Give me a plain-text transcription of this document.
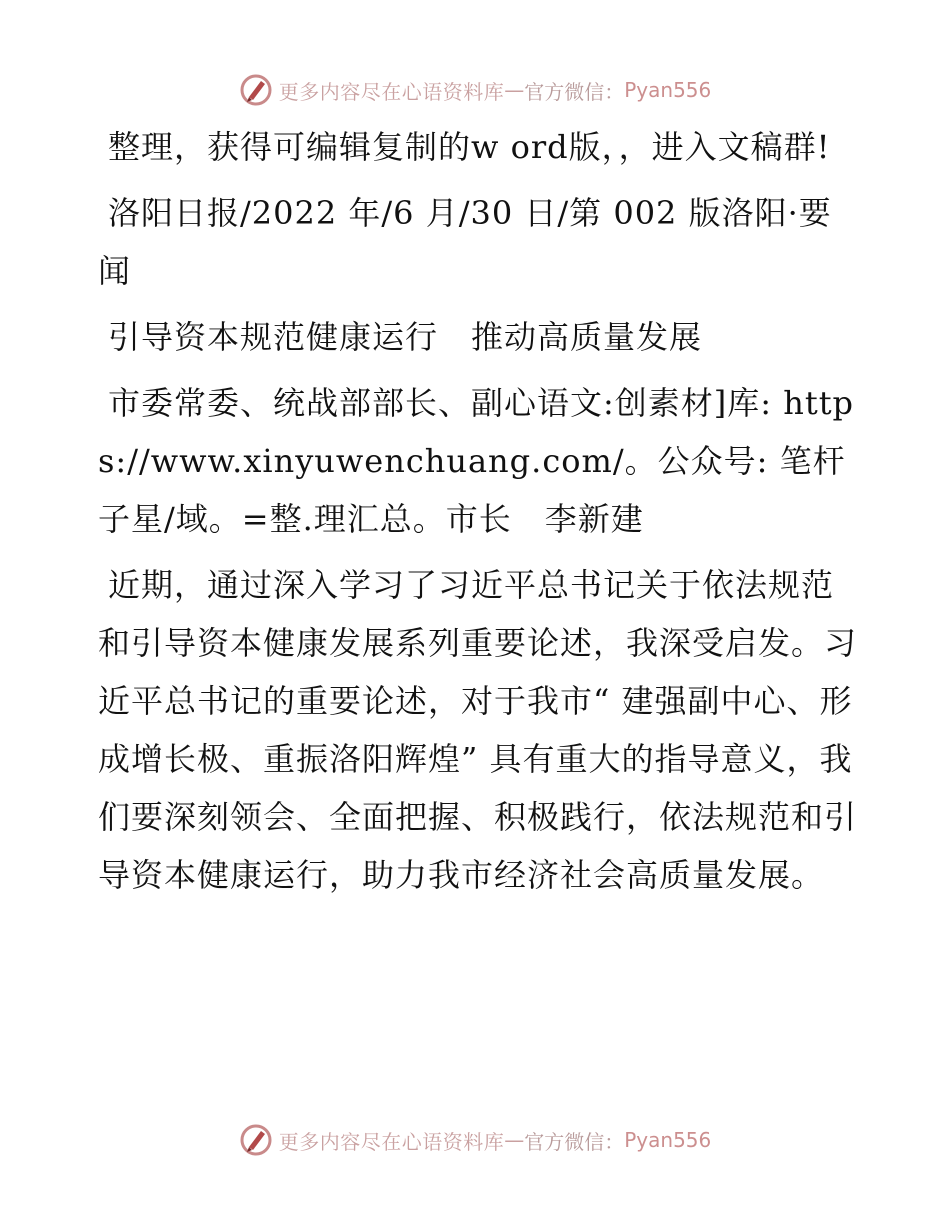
更多内容尽在心语资料库 — 官方微信： Pyan556

整理，获得可编辑复制的w ord版，，进入文稿群!

洛阳日报/2022 年/6 月/30 日/第 002 版洛阳·要闻

引导资本规范健康运行　推动高质量发展

市委常委、统战部部长、副心语文:创素材]库: https://www.xinyuwenchuang.com/。公众号: 笔杆子星/域。=整.理汇总。市长　李新建

近期，通过深入学习了习近平总书记关于依法规范和引导资本健康发展系列重要论述，我深受启发。习近平总书记的重要论述，对于我市“ 建强副中心、形成增长极、重振洛阳辉煌” 具有重大的指导意义，我们要深刻领会、全面把握、积极践行，依法规范和引导资本健康运行，助力我市经济社会高质量发展。

更多内容尽在心语资料库 — 官方微信： Pyan556
